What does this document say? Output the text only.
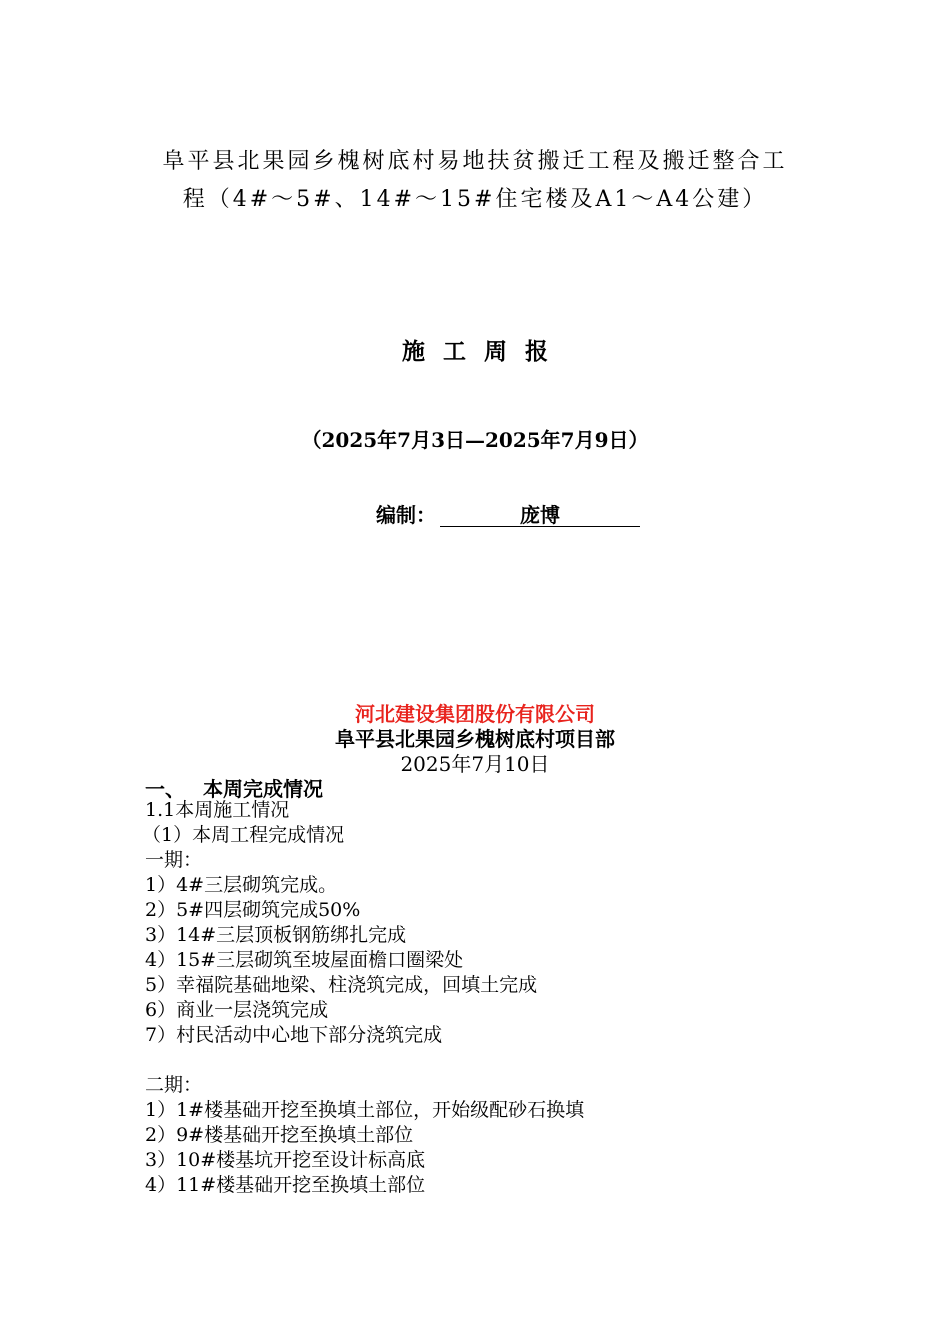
阜平县北果园乡槐树底村易地扶贫搬迁工程及搬迁整合工
程（4#～5#、14#～15#住宅楼及A1～A4公建）
施工周报
（2025年7月3日—2025年7月9日）
编制：	庞博
河北建设集团股份有限公司
阜平县北果园乡槐树底村项目部
2025年7月10日
一、 本周完成情况
1.1本周施工情况
（1）本周工程完成情况
一期：
1）4#三层砌筑完成。
2）5#四层砌筑完成50%
3）14#三层顶板钢筋绑扎完成
4）15#三层砌筑至坡屋面檐口圈梁处
5）幸福院基础地梁、柱浇筑完成，回填土完成
6）商业一层浇筑完成
7）村民活动中心地下部分浇筑完成
二期：
1）1#楼基础开挖至换填土部位，开始级配砂石换填
2）9#楼基础开挖至换填土部位
3）10#楼基坑开挖至设计标高底
4）11#楼基础开挖至换填土部位
